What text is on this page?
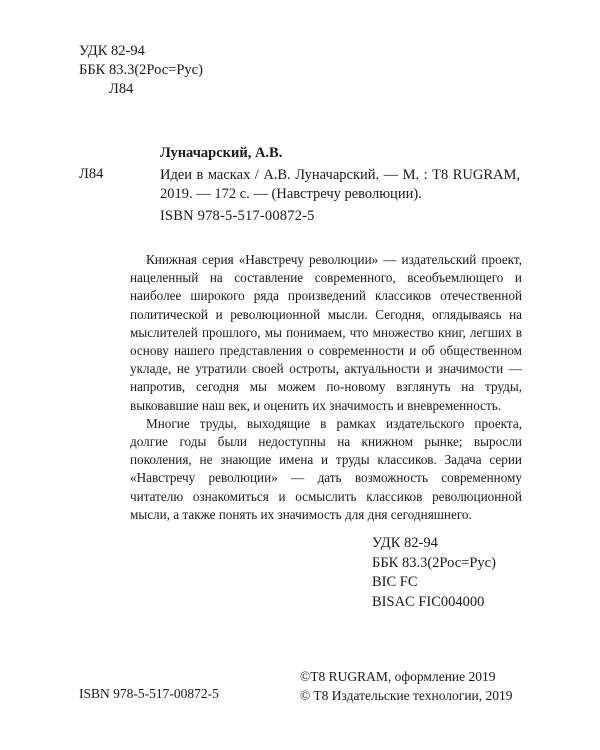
УДК 82-94
ББК 83.3(2Рос=Рус)
Л84
Луначарский, А.В.
Л84	Идеи в масках / А.В. Луначарский. — М. : T8 RUGRAM,
2019. — 172 с. — (Навстречу революции).
ISBN 978-5-517-00872-5

Книжная серия «Навстречу революции» — издательский проект, нацеленный на составление современного, всеобъемлющего и наиболее широкого ряда произведений классиков отечественной политической и революционной мысли. Сегодня, оглядываясь на мыслителей прошлого, мы понимаем, что множество книг, легших в основу нашего представления о современности и об общественном укладе, не утратили своей остроты, актуальности и значимости — напротив, сегодня мы можем по-новому взглянуть на труды, выковавшие наш век, и оценить их значимость и вневременность.

Многие труды, выходящие в рамках издательского проекта, долгие годы были недоступны на книжном рынке; выросли поколения, не знающие имена и труды классиков. Задача серии «Навстречу революции» — дать возможность современному читателю ознакомиться и осмыслить классиков революционной мысли, а также понять их значимость для дня сегодняшнего.

УДК 82-94
ББК 83.3(2Рос=Рус)
BIC FC
BISAC FIC004000
ISBN 978-5-517-00872-5
©T8 RUGRAM, оформление 2019
© T8 Издательские технологии, 2019
